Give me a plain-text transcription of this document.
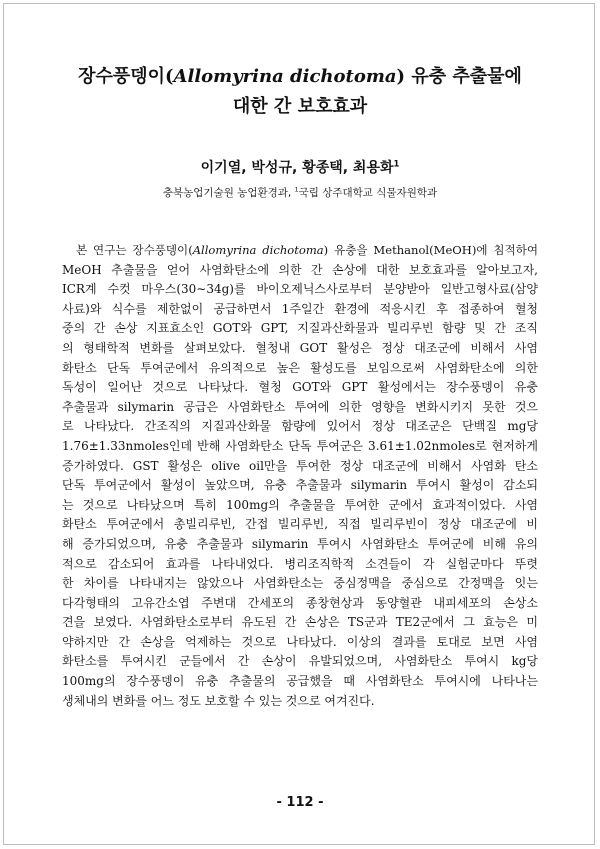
장수풍뎅이(Allomyrina dichotoma) 유충 추출물에
대한 간 보호효과
이기열, 박성규, 황종택, 최용화$^1$
충북농업기술원 농업환경과, $^1$국립 상주대학교 식물자원학과
본 연구는 장수풍뎅이(Allomyrina dichotoma) 유충을 Methanol(MeOH)에 침적하여
MeOH 추출물을 얻어 사염화탄소에 의한 간 손상에 대한 보호효과를 알아보고자,
ICR계 수컷 마우스(30∼34g)를 바이오제닉스사로부터 분양받아 일반고형사료(삼양
사료)와 식수를 제한없이 공급하면서 1주일간 환경에 적응시킨 후 접종하여 혈청
중의 간 손상 지표효소인 GOT와 GPT, 지질과산화물과 빌리루빈 함량 및 간 조직
의 형태학적 변화를 살펴보았다. 혈청내 GOT 활성은 정상 대조군에 비해서 사염
화탄소 단독 투여군에서 유의적으로 높은 활성도를 보임으로써 사염화탄소에 의한
독성이 일어난 것으로 나타났다. 혈청 GOT와 GPT 활성에서는 장수풍뎅이 유충
추출물과 silymarin 공급은 사염화탄소 투여에 의한 영향을 변화시키지 못한 것으
로 나타났다. 간조직의 지질과산화물 함량에 있어서 정상 대조군은 단백질 mg당
1.76±1.33nmoles인데 반해 사염화탄소 단독 투여군은 3.61±1.02nmoles로 현저하게
증가하였다. GST 활성은 olive oil만을 투여한 정상 대조군에 비해서 사염화 탄소
단독 투여군에서 활성이 높았으며, 유충 추출물과 silymarin 투여시 활성이 감소되
는 것으로 나타났으며 특히 100mg의 추출물을 투여한 군에서 효과적이었다. 사염
화탄소 투여군에서 총빌리루빈, 간접 빌리루빈, 직접 빌리루빈이 정상 대조군에 비
해 증가되었으며, 유충 추출물과 silymarin 투여시 사염화탄소 투여군에 비해 유의
적으로 감소되어 효과를 나타내었다. 병리조직학적 소견들이 각 실험군마다 뚜렷
한 차이를 나타내지는 않았으나 사염화탄소는 중심정맥을 중심으로 간정맥을 잇는
다각형태의 고유간소엽 주변대 간세포의 종창현상과 동양혈관 내피세포의 손상소
견을 보였다. 사염화탄소로부터 유도된 간 손상은 TS군과 TE2군에서 그 효능은 미
약하지만 간 손상을 억제하는 것으로 나타났다. 이상의 결과를 토대로 보면 사염
화탄소를 투여시킨 군들에서 간 손상이 유발되었으며, 사염화탄소 투여시 kg당
100mg의 장수풍뎅이 유충 추출물의 공급했을 때 사염화탄소 투여시에 나타나는
생체내의 변화를 어느 정도 보호할 수 있는 것으로 여겨진다.
- 112 -
